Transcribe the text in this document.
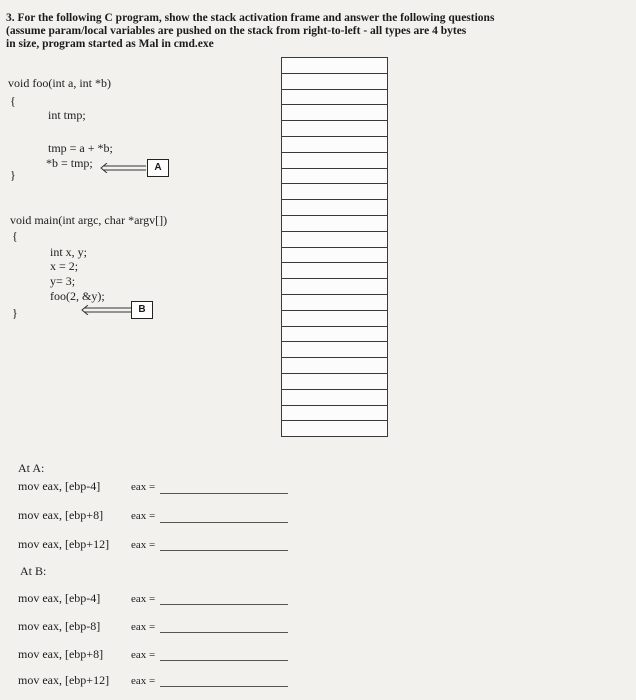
3. For the following C program, show the stack activation frame and answer the following questions
(assume param/local variables are pushed on the stack from right-to-left - all types are 4 bytes
in size, program started as Mal in cmd.exe
void foo(int a, int *b)
{
int tmp;
tmp = a + *b;
*b = tmp;
}
A
void main(int argc, char *argv[])
{
int x, y;
x = 2;
y= 3;
foo(2, &y);
}	B
At A:
mov eax, [ebp-4]	eax =
mov eax, [ebp+8]	eax =
mov eax, [ebp+12] eax =
At B:
mov eax, [ebp-4]	eax =
mov eax, [ebp-8]	eax =
mov eax, [ebp+8]	eax =
mov eax, [ebp+12] eax =
